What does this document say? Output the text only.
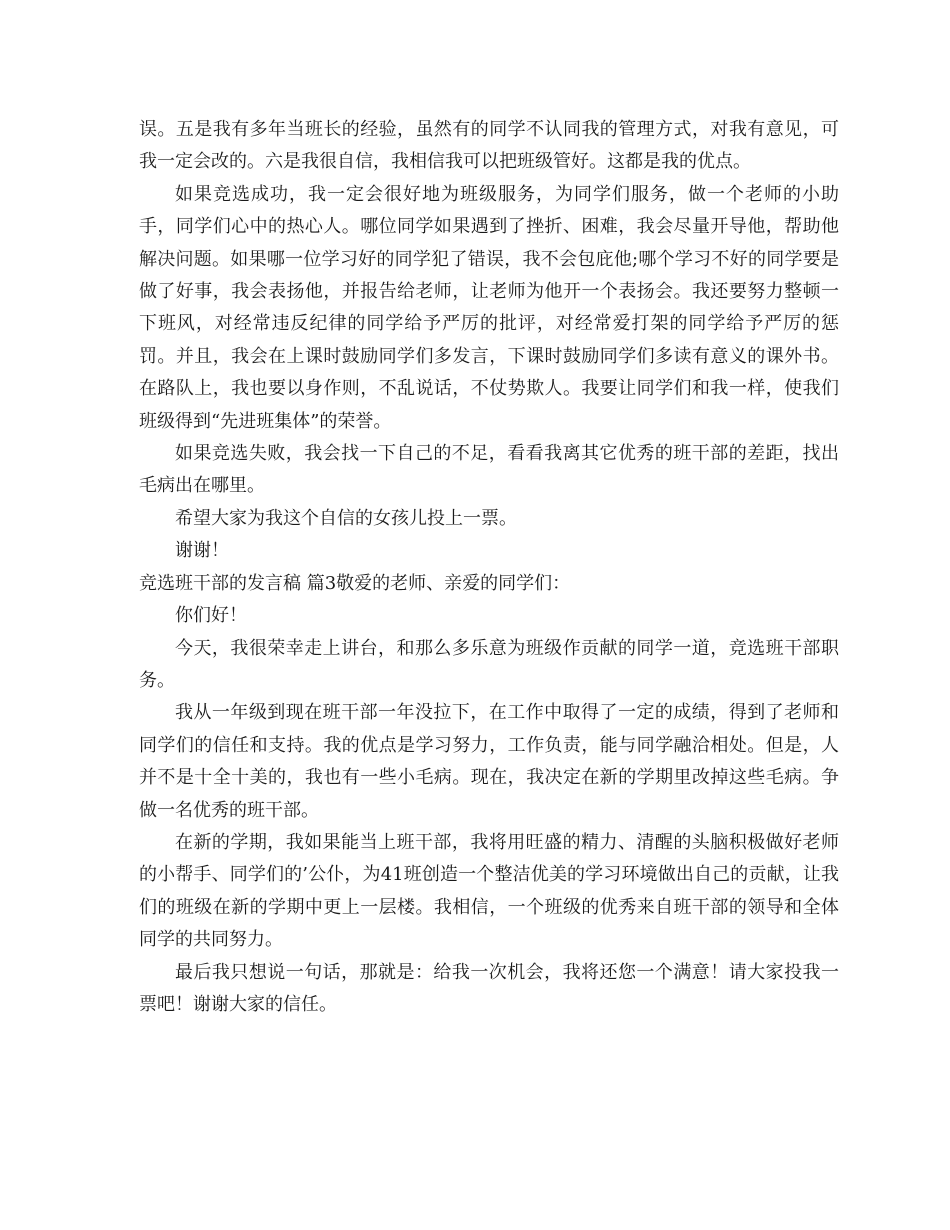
误。五是我有多年当班长的经验，虽然有的同学不认同我的管理方式，对我有意见，可我一定会改的。六是我很自信，我相信我可以把班级管好。这都是我的优点。

如果竞选成功，我一定会很好地为班级服务，为同学们服务，做一个老师的小助手，同学们心中的热心人。哪位同学如果遇到了挫折、困难，我会尽量开导他，帮助他解决问题。如果哪一位学习好的同学犯了错误，我不会包庇他;哪个学习不好的同学要是做了好事，我会表扬他，并报告给老师，让老师为他开一个表扬会。我还要努力整顿一下班风，对经常违反纪律的同学给予严厉的批评，对经常爱打架的同学给予严厉的惩罚。并且，我会在上课时鼓励同学们多发言，下课时鼓励同学们多读有意义的课外书。在路队上，我也要以身作则，不乱说话，不仗势欺人。我要让同学们和我一样，使我们班级得到“先进班集体”的荣誉。

如果竞选失败，我会找一下自己的不足，看看我离其它优秀的班干部的差距，找出毛病出在哪里。

希望大家为我这个自信的女孩儿投上一票。

谢谢！

竞选班干部的发言稿 篇3敬爱的老师、亲爱的同学们：

你们好！

今天，我很荣幸走上讲台，和那么多乐意为班级作贡献的同学一道，竞选班干部职务。

我从一年级到现在班干部一年没拉下，在工作中取得了一定的成绩，得到了老师和同学们的信任和支持。我的优点是学习努力，工作负责，能与同学融洽相处。但是，人并不是十全十美的，我也有一些小毛病。现在，我决定在新的学期里改掉这些毛病。争做一名优秀的班干部。

在新的学期，我如果能当上班干部，我将用旺盛的精力、清醒的头脑积极做好老师的小帮手、同学们的’公仆，为41班创造一个整洁优美的学习环境做出自己的贡献，让我们的班级在新的学期中更上一层楼。我相信，一个班级的优秀来自班干部的领导和全体同学的共同努力。

最后我只想说一句话，那就是：给我一次机会，我将还您一个满意！请大家投我一票吧！谢谢大家的信任。
